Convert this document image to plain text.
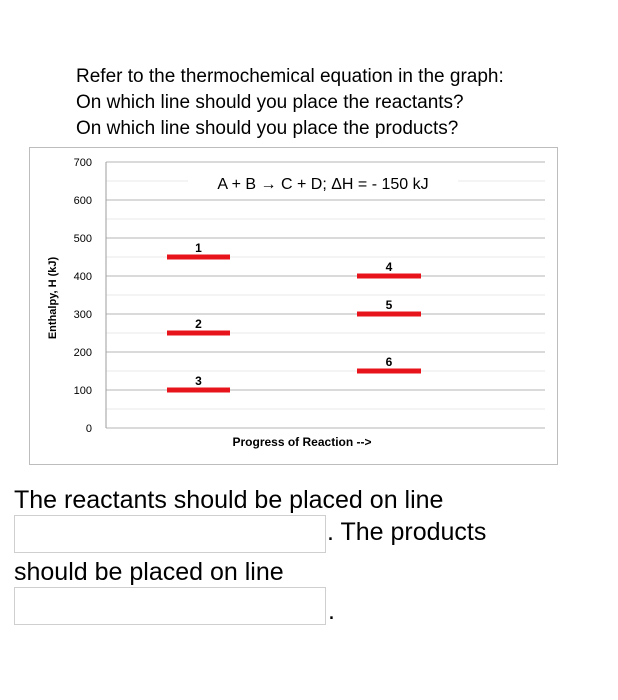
Refer to the thermochemical equation in the graph:
On which line should you place the reactants?
On which line should you place the products?
0
100
200
300
400
500
600
700
A + B → C + D; ΔH = - 150 kJ
1
2
3
4
5
6
Enthalpy, H (kJ)
Progress of Reaction -->
The reactants should be placed on line
. The products
should be placed on line
.
